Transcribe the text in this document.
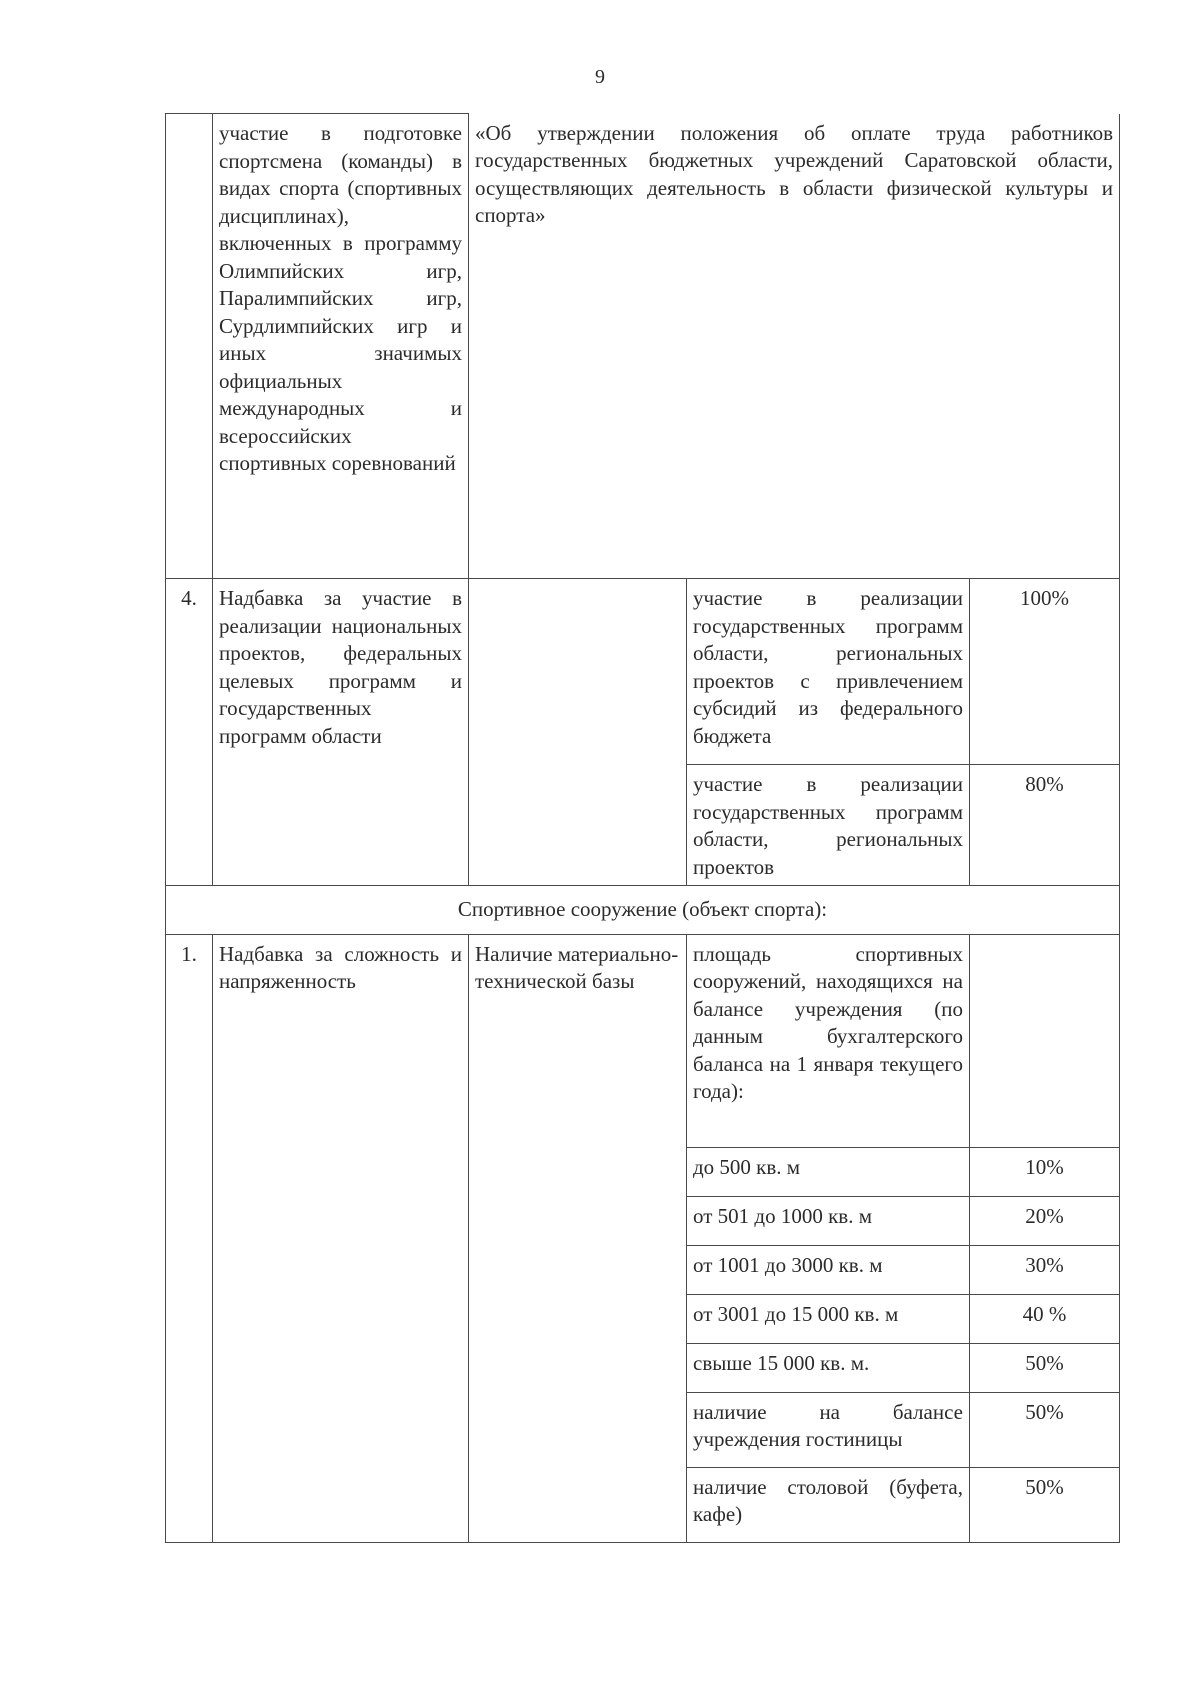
9
	участие в подготовке спортсмена (команды) в видах спорта (спортивных дисциплинах), включенных в программу Олимпийских игр, Паралимпийских игр, Сурдлимпийских игр и иных значимых официальных международных и всероссийских спортивных соревнований	«Об утверждении положения об оплате труда работников государственных бюджетных учреждений Саратовской области, осуществляющих деятельность в области физической культуры и спорта»		
4.	Надбавка за участие в реализации национальных проектов, федеральных целевых программ и государственных программ области		участие в реализации государственных программ области, региональных проектов с привлечением субсидий из федерального бюджета	100%
			участие в реализации государственных программ области, региональных проектов	80%
Спортивное сооружение (объект спорта):				
1.	Надбавка за сложность и напряженность	Наличие материально-технической базы	площадь спортивных сооружений, находящихся на балансе учреждения (по данным бухгалтерского баланса на 1 января текущего года):	
			до 500 кв. м	10%
			от 501 до 1000 кв. м	20%
			от 1001 до 3000 кв. м	30%
			от 3001 до 15 000 кв. м	40 %
			свыше 15 000 кв. м.	50%
			наличие на балансе учреждения гостиницы	50%
			наличие столовой (буфета, кафе)	50%
